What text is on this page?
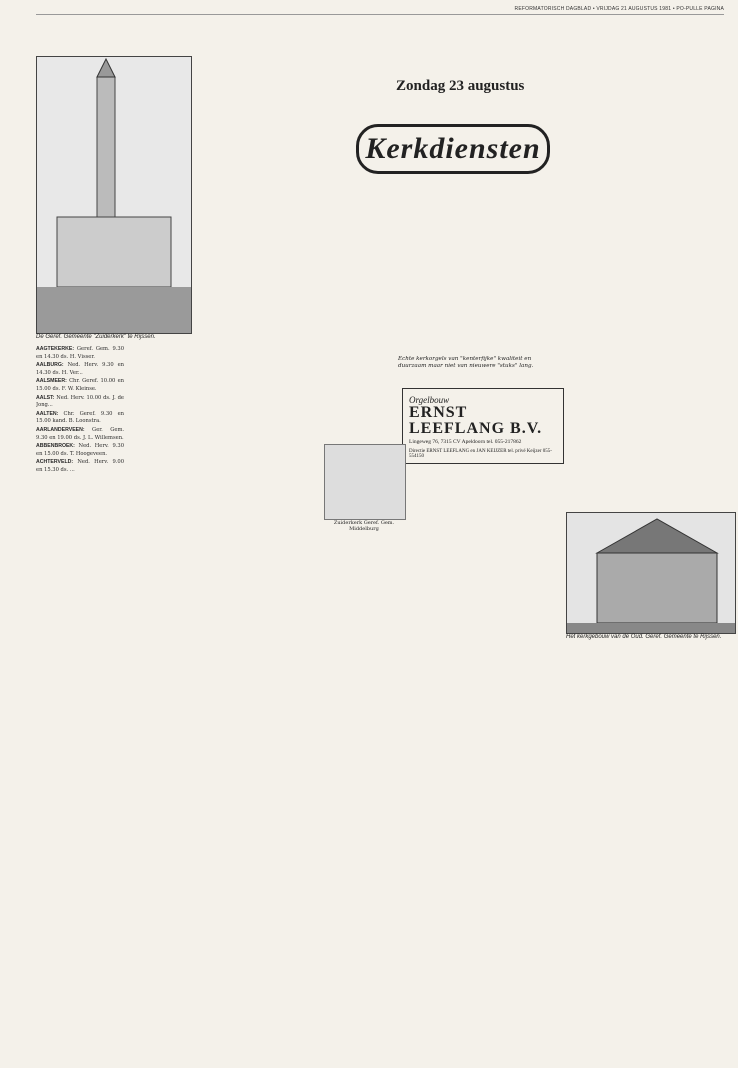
REFORMATORISCH DAGBLAD • VRIJDAG 21 AUGUSTUS 1981 • PO-PULLE PAGINA
De Geref. Gemeente "Zuiderkerk" te Rijssen.
Zondag 23 augustus
Kerkdiensten
Echte kerkorgels van "kenterfijke" kwaliteit en duurzaam maar niet van nieuwere "stuks" lang.
Orgelbouw
ERNST LEEFLANG B.V.
Lingeweg 76, 7315 CV Apeldoorn tel. 055-217862
Directie ERNST LEEFLANG en JAN KEIJZER tel. privé Keijzer 055-554150
Zuiderkerk Geref. Gem. Middelburg
Het kerkgebouw van de Oud. Geref. Gemeente te Rijssen.

AAGTEKERKE: Geref. Gem. 9.30 en 14.30 ds. H. Visser.

AALBURG: Ned. Herv. 9.30 en 14.30 ds. H. Ver...

AALSMEER: Chr. Geref. 10.00 en 15.00 ds. F. W. Kleinse.

AALST: Ned. Herv. 10.00 ds. J. de Jong...

AALTEN: Chr. Geref. 9.30 en 15.00 kand. B. Loonstra.

AARLANDERVEEN: Ger. Gem. 9.30 en 19.00 ds. J. L. Willemsen.

ABBENBROEK: Ned. Herv. 9.30 en 15.00 ds. T. Hoogeveen.

ACHTERVELD: Ned. Herv. 9.00 en 15.30 ds. ...
